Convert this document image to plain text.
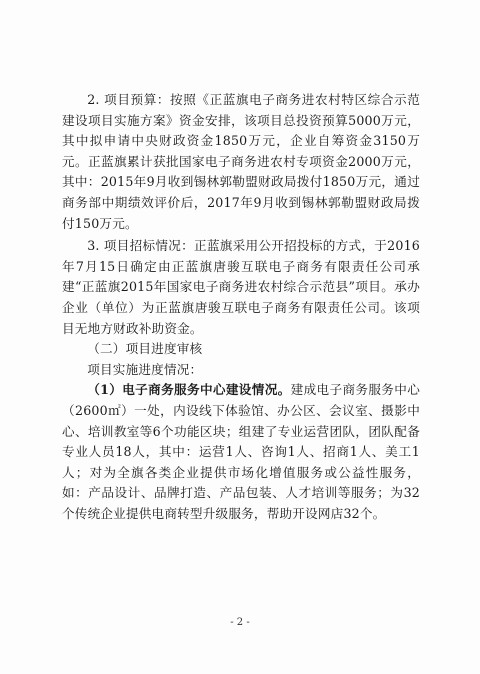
2. 项目预算：按照《正蓝旗电子商务进农村特区综合示范建设项目实施方案》资金安排，该项目总投资预算5000万元，其中拟申请中央财政资金1850万元，企业自筹资金3150万元。正蓝旗累计获批国家电子商务进农村专项资金2000万元，其中：2015年9月收到锡林郭勒盟财政局拨付1850万元，通过商务部中期绩效评价后，2017年9月收到锡林郭勒盟财政局拨付150万元。

3. 项目招标情况：正蓝旗采用公开招投标的方式，于2016年7月15日确定由正蓝旗唐骏互联电子商务有限责任公司承建“正蓝旗2015年国家电子商务进农村综合示范县”项目。承办企业（单位）为正蓝旗唐骏互联电子商务有限责任公司。该项目无地方财政补助资金。

（二）项目进度审核

项目实施进度情况：

（1）电子商务服务中心建设情况。建成电子商务服务中心（2600㎡）一处，内设线下体验馆、办公区、会议室、摄影中心、培训教室等6个功能区块；组建了专业运营团队，团队配备专业人员18人，其中：运营1人、咨询1人、招商1人、美工1人；对为全旗各类企业提供市场化增值服务或公益性服务，如：产品设计、品牌打造、产品包装、人才培训等服务；为32个传统企业提供电商转型升级服务，帮助开设网店32个。

- 2 -
